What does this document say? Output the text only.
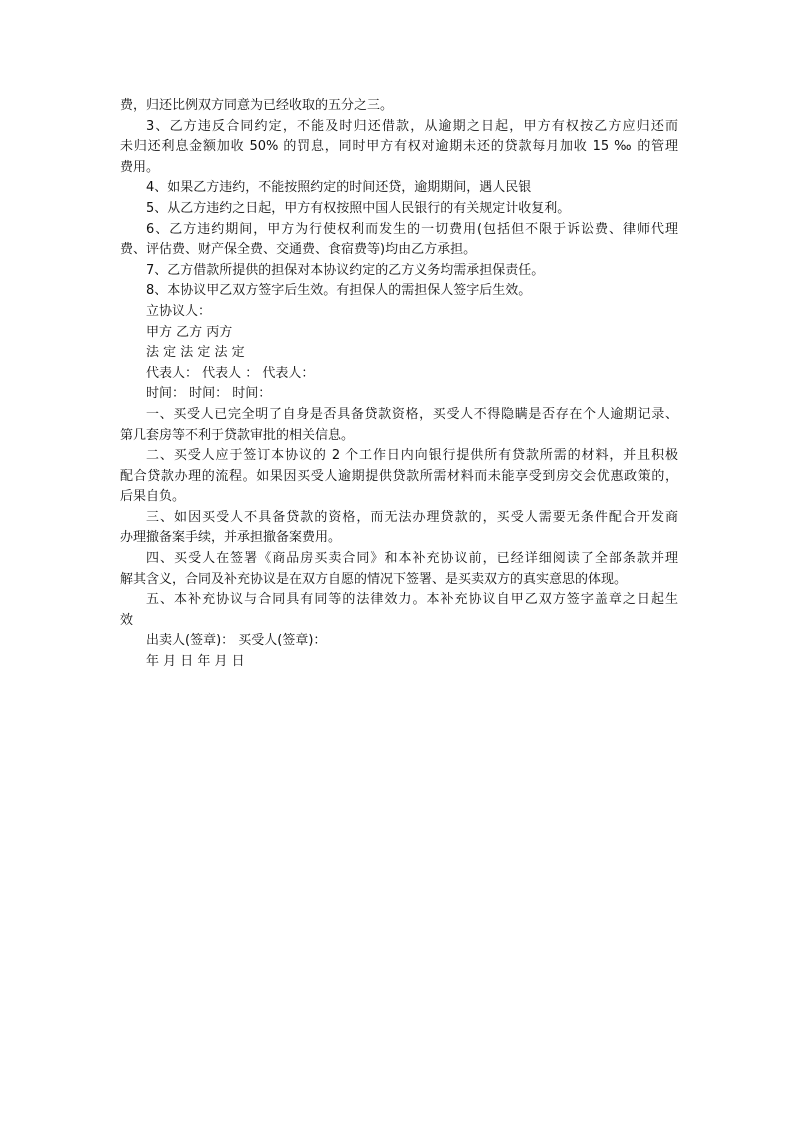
费，归还比例双方同意为已经收取的五分之三。
3、乙方违反合同约定，不能及时归还借款，从逾期之日起，甲方有权按乙方应归还而
未归还利息金额加收 50% 的罚息，同时甲方有权对逾期未还的贷款每月加收 15 ‰ 的管理
费用。
4、如果乙方违约，不能按照约定的时间还贷，逾期期间，遇人民银
5、从乙方违约之日起，甲方有权按照中国人民银行的有关规定计收复利。
6、乙方违约期间，甲方为行使权利而发生的一切费用(包括但不限于诉讼费、律师代理
费、评估费、财产保全费、交通费、食宿费等)均由乙方承担。
7、乙方借款所提供的担保对本协议约定的乙方义务均需承担保责任。
8、本协议甲乙双方签字后生效。有担保人的需担保人签字后生效。
立协议人：
甲方 乙方 丙方
法 定 法 定 法 定
代表人： 代表人 ： 代表人：
时间： 时间： 时间：
一、买受人已完全明了自身是否具备贷款资格，买受人不得隐瞒是否存在个人逾期记录、
第几套房等不利于贷款审批的相关信息。
二、买受人应于签订本协议的 2 个工作日内向银行提供所有贷款所需的材料，并且积极
配合贷款办理的流程。如果因买受人逾期提供贷款所需材料而未能享受到房交会优惠政策的，
后果自负。
三、如因买受人不具备贷款的资格，而无法办理贷款的，买受人需要无条件配合开发商
办理撤备案手续，并承担撤备案费用。
四、买受人在签署《商品房买卖合同》和本补充协议前，已经详细阅读了全部条款并理
解其含义，合同及补充协议是在双方自愿的情况下签署、是买卖双方的真实意思的体现。
五、本补充协议与合同具有同等的法律效力。本补充协议自甲乙双方签字盖章之日起生
效
出卖人(签章)： 买受人(签章)：
年 月 日 年 月 日
